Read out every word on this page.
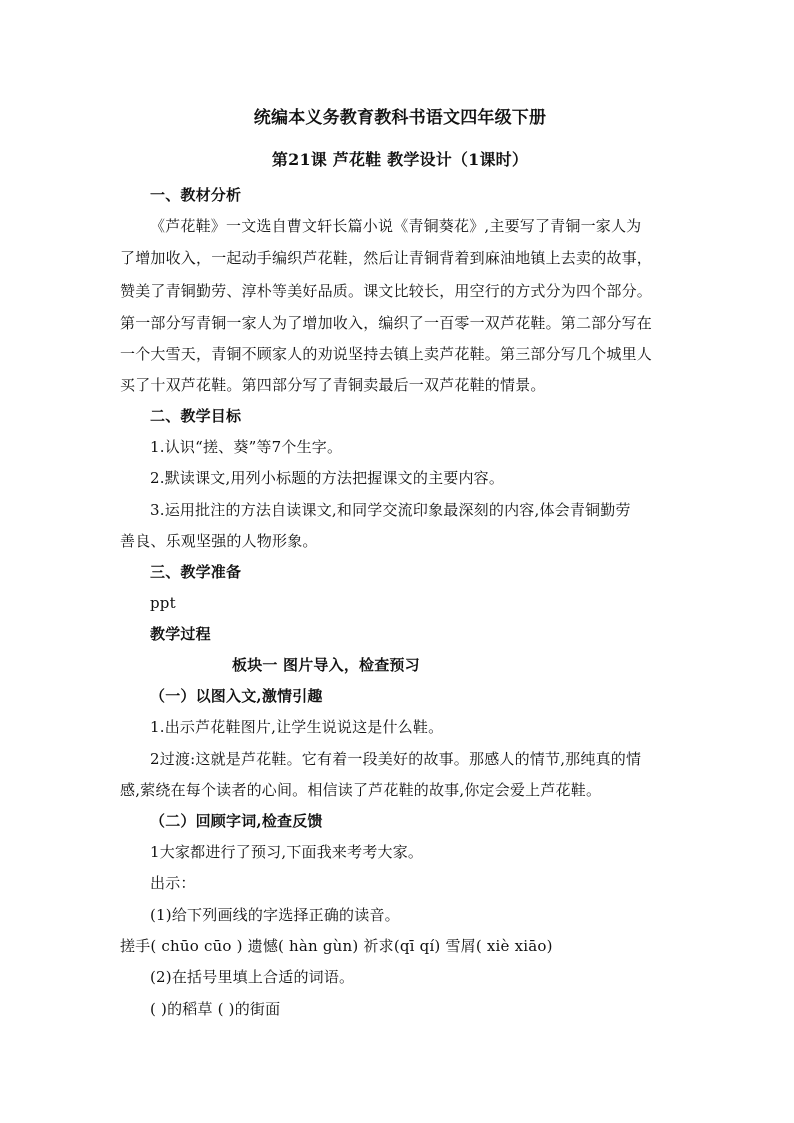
统编本义务教育教科书语文四年级下册
第21课 芦花鞋 教学设计（1课时）
一、教材分析
《芦花鞋》一文选自曹文轩长篇小说《青铜葵花》,主要写了青铜一家人为
了增加收入，一起动手编织芦花鞋，然后让青铜背着到麻油地镇上去卖的故事，
赞美了青铜勤劳、淳朴等美好品质。课文比较长，用空行的方式分为四个部分。
第一部分写青铜一家人为了增加收入，编织了一百零一双芦花鞋。第二部分写在
一个大雪天，青铜不顾家人的劝说坚持去镇上卖芦花鞋。第三部分写几个城里人
买了十双芦花鞋。第四部分写了青铜卖最后一双芦花鞋的情景。
二、教学目标
1.认识“搓、葵”等7个生字。
2.默读课文,用列小标题的方法把握课文的主要内容。
3.运用批注的方法自读课文,和同学交流印象最深刻的内容,体会青铜勤劳
善良、乐观坚强的人物形象。
三、教学准备
ppt
教学过程
板块一 图片导入，检查预习
（一）以图入文,激情引趣
1.出示芦花鞋图片,让学生说说这是什么鞋。
2过渡:这就是芦花鞋。它有着一段美好的故事。那感人的情节,那纯真的情
感,萦绕在每个读者的心间。相信读了芦花鞋的故事,你定会爱上芦花鞋。
（二）回顾字词,检查反馈
1大家都进行了预习,下面我来考考大家。
出示：
(1)给下列画线的字选择正确的读音。
搓手( chūo cūo ) 遗憾( hàn gùn) 祈求(qī qí) 雪屑( xiè xiāo)
(2)在括号里填上合适的词语。
( )的稻草 ( )的街面
